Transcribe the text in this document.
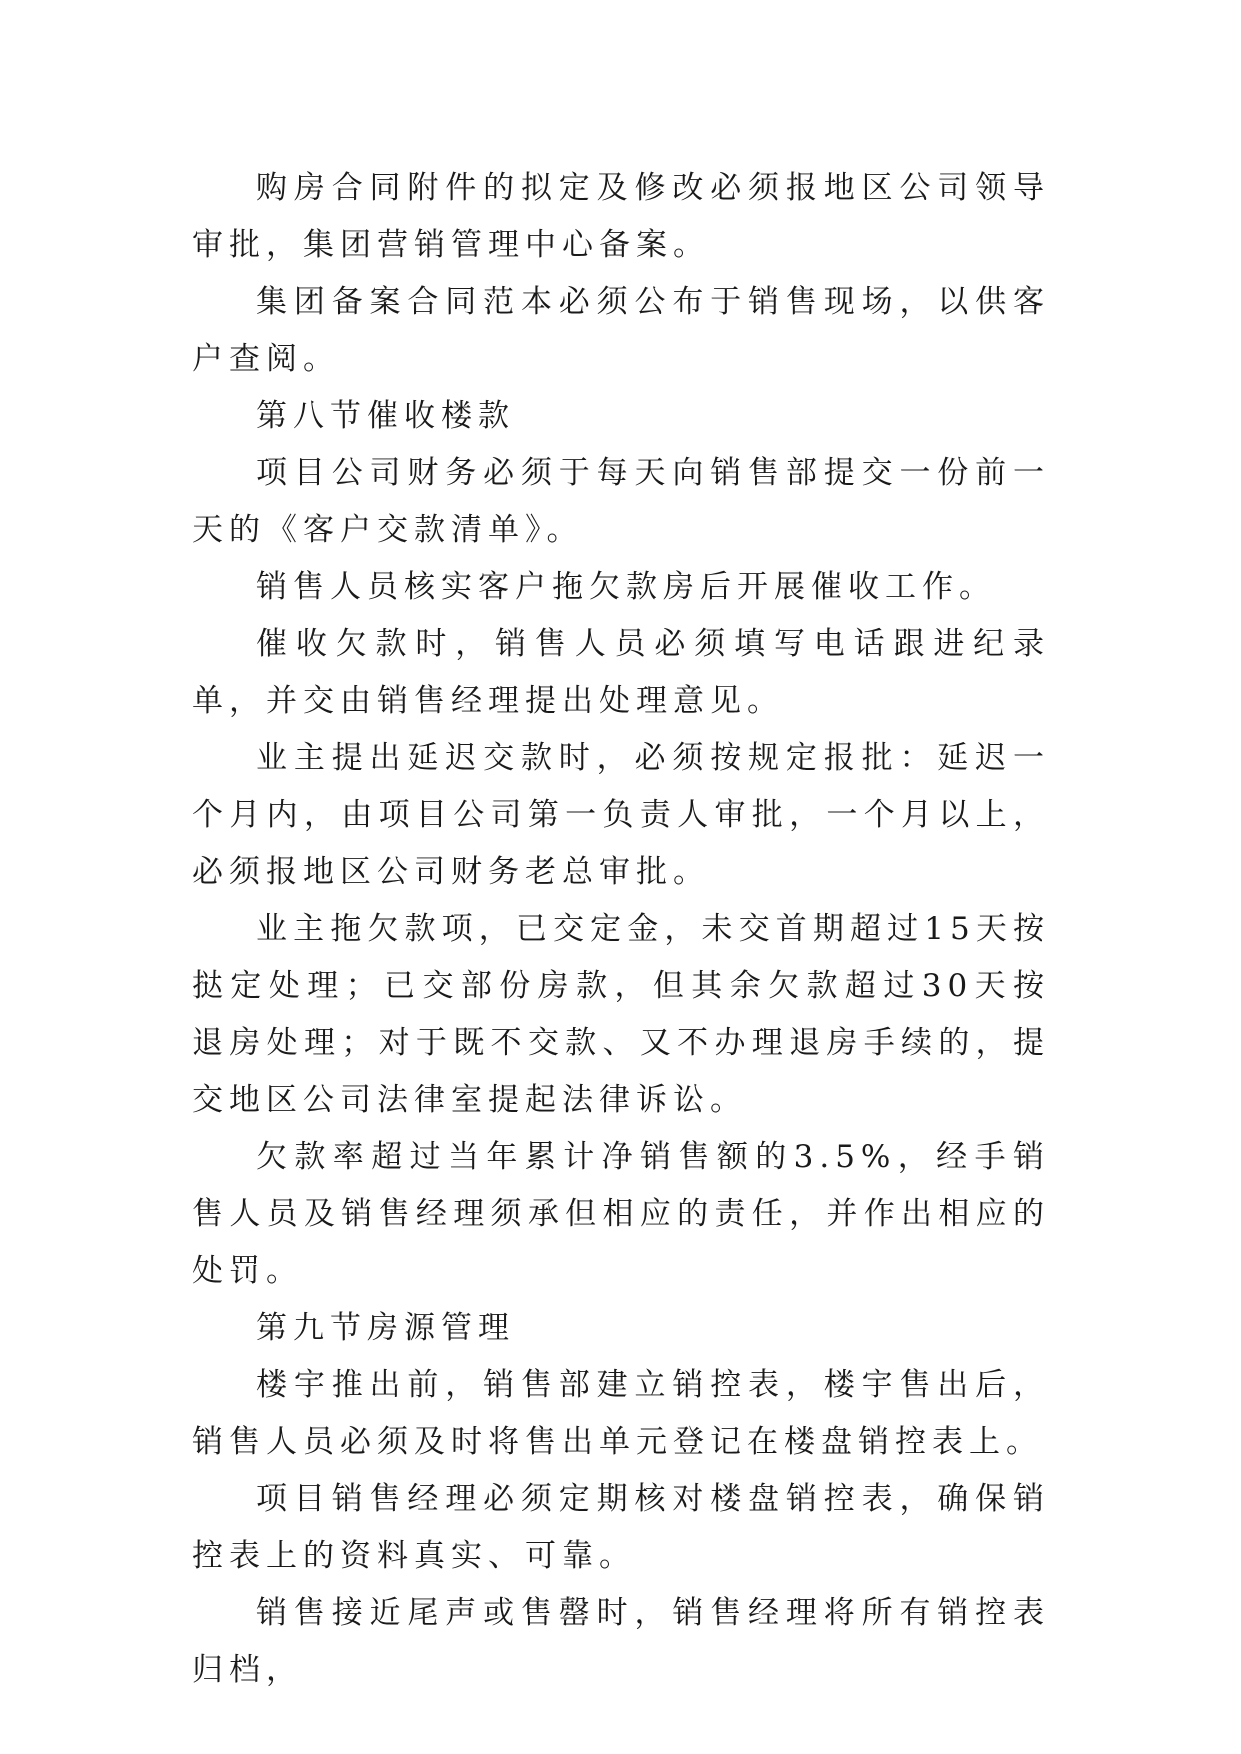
购房合同附件的拟定及修改必须报地区公司领导审批，集团营销管理中心备案。

集团备案合同范本必须公布于销售现场，以供客户查阅。

第八节催收楼款

项目公司财务必须于每天向销售部提交一份前一天的《客户交款清单》。

销售人员核实客户拖欠款房后开展催收工作。

催收欠款时，销售人员必须填写电话跟进纪录单，并交由销售经理提出处理意见。

业主提出延迟交款时，必须按规定报批：延迟一个月内，由项目公司第一负责人审批，一个月以上，必须报地区公司财务老总审批。

业主拖欠款项，已交定金，未交首期超过15天按挞定处理；已交部份房款，但其余欠款超过30天按退房处理；对于既不交款、又不办理退房手续的，提交地区公司法律室提起法律诉讼。

欠款率超过当年累计净销售额的3.5%，经手销售人员及销售经理须承但相应的责任，并作出相应的处罚。

第九节房源管理

楼宇推出前，销售部建立销控表，楼宇售出后，销售人员必须及时将售出单元登记在楼盘销控表上。

项目销售经理必须定期核对楼盘销控表，确保销控表上的资料真实、可靠。

销售接近尾声或售罄时，销售经理将所有销控表归档，
